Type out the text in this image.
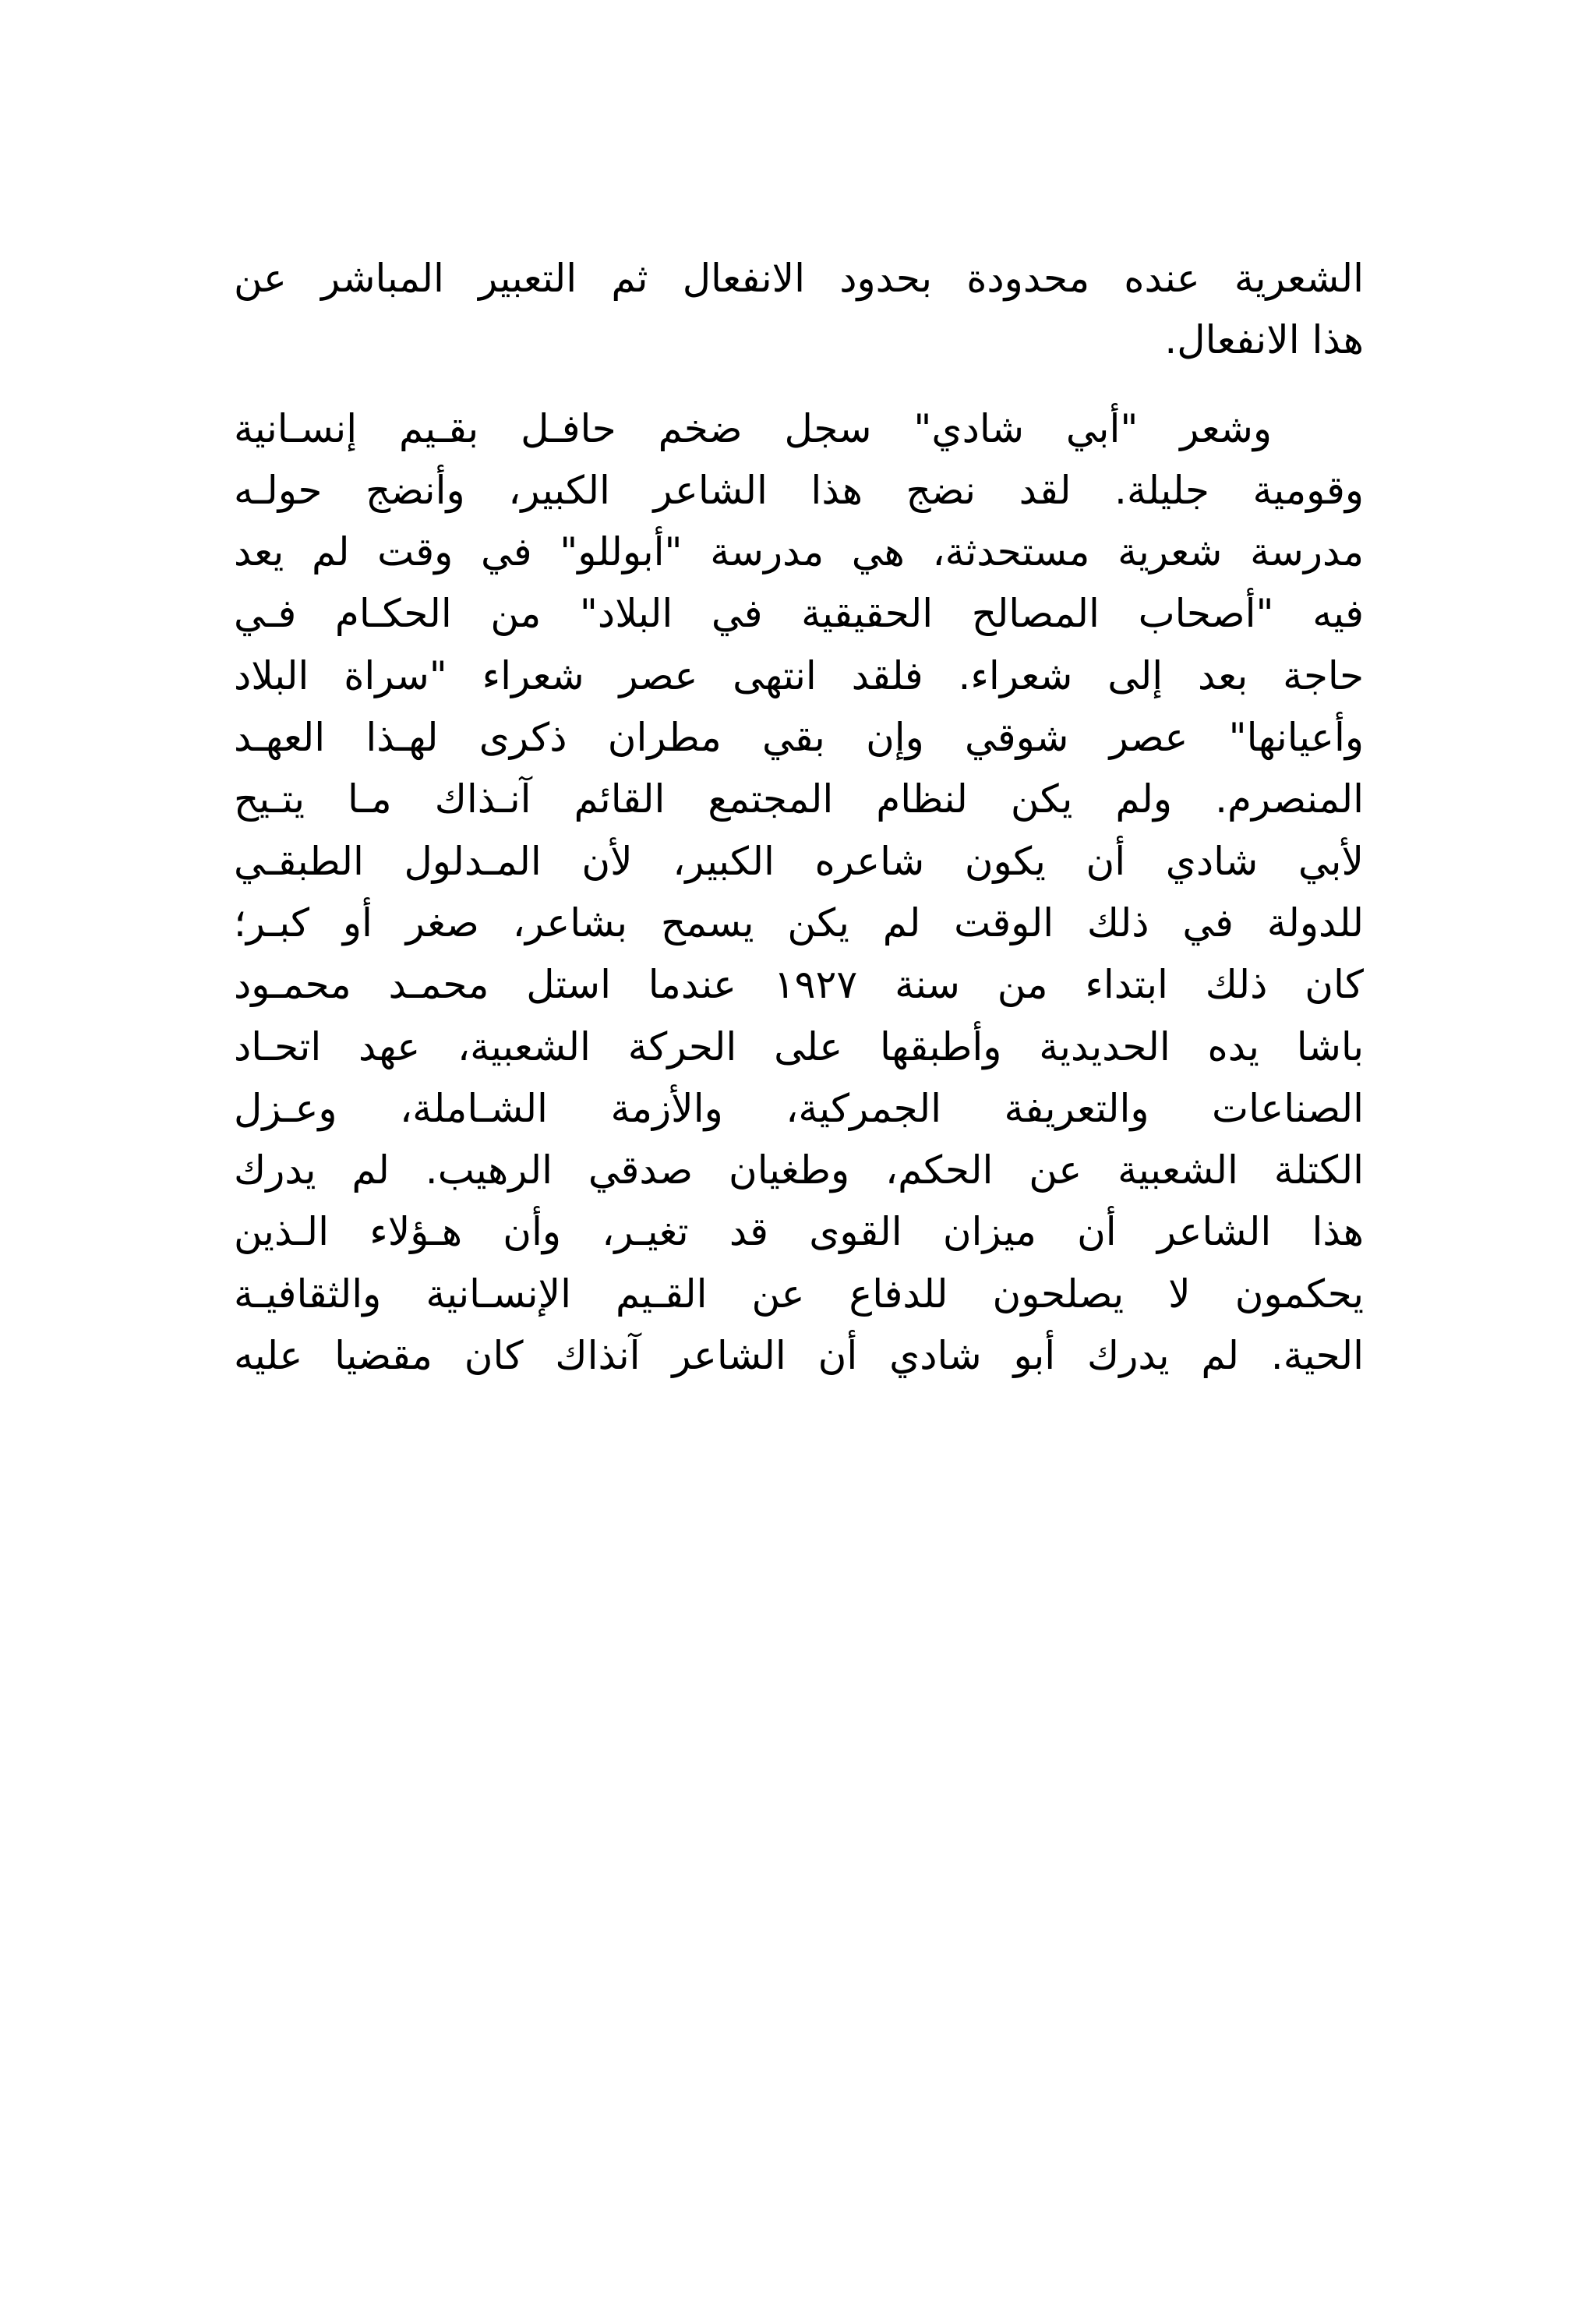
الشعرية عنده محدودة بحدود الانفعال ثم التعبير المباشر عن
هذا الانفعال.
وشعر "أبي شادي" سجل ضخم حافـل بقـيم إنسـانية
وقومية جليلة. لقد نضج هذا الشاعر الكبير، وأنضج حولـه
مدرسة شعرية مستحدثة، هي مدرسة "أبوللو" في وقت لم يعد
فيه "أصحاب المصالح الحقيقية في البلاد" من الحكـام فـي
حاجة بعد إلى شعراء. فلقد انتهى عصر شعراء "سراة البلاد
وأعيانها" عصر شوقي وإن بقي مطران ذكرى لهـذا العهـد
المنصرم. ولم يكن لنظام المجتمع القائم آنـذاك مـا يتـيح
لأبي شادي أن يكون شاعره الكبير، لأن المـدلول الطبقـي
للدولة في ذلك الوقت لم يكن يسمح بشاعر، صغر أو كبـر؛
كان ذلك ابتداء من سنة ١٩٢٧ عندما استل محمـد محمـود
باشا يده الحديدية وأطبقها على الحركة الشعبية، عهد اتحـاد
الصناعات والتعريفة الجمركية، والأزمة الشـاملة، وعـزل
الكتلة الشعبية عن الحكم، وطغيان صدقي الرهيب. لم يدرك
هذا الشاعر أن ميزان القوى قد تغيـر، وأن هـؤلاء الـذين
يحكمون لا يصلحون للدفاع عن القـيم الإنسـانية والثقافيـة
الحية. لم يدرك أبو شادي أن الشاعر آنذاك كان مقضيا عليه
